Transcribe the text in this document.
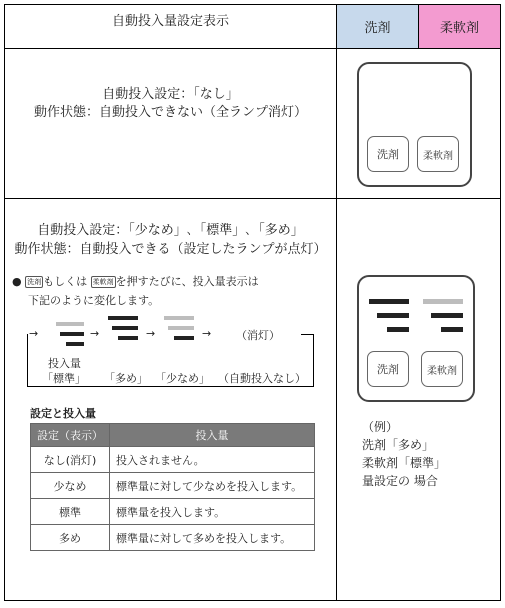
自動投入量設定表示	洗剤	柔軟剤
自動投入設定：「なし」
動作状態：自動投入できない（全ランプ消灯）
洗剤	柔軟剤
自動投入設定：「少なめ」､「標準」､「多め」
動作状態：自動投入できる（設定したランプが点灯）
● 洗剤 もしくは 柔軟剤 を押すたびに、投入量表示は
下記のように変化します。
→	→	→	→ （消灯）
投入量
「標準」 「多め」 「少なめ」 （自動投入なし）
設定と投入量
設定（表示）	投入量
なし(消灯)	投入されません。
少なめ	標準量に対して少なめを投入します。
標準	標準量を投入します。
多め	標準量に対して多めを投入します。
洗剤	柔軟剤
（例）
洗剤「多め」
柔軟剤「標準」
量設定の 場合
